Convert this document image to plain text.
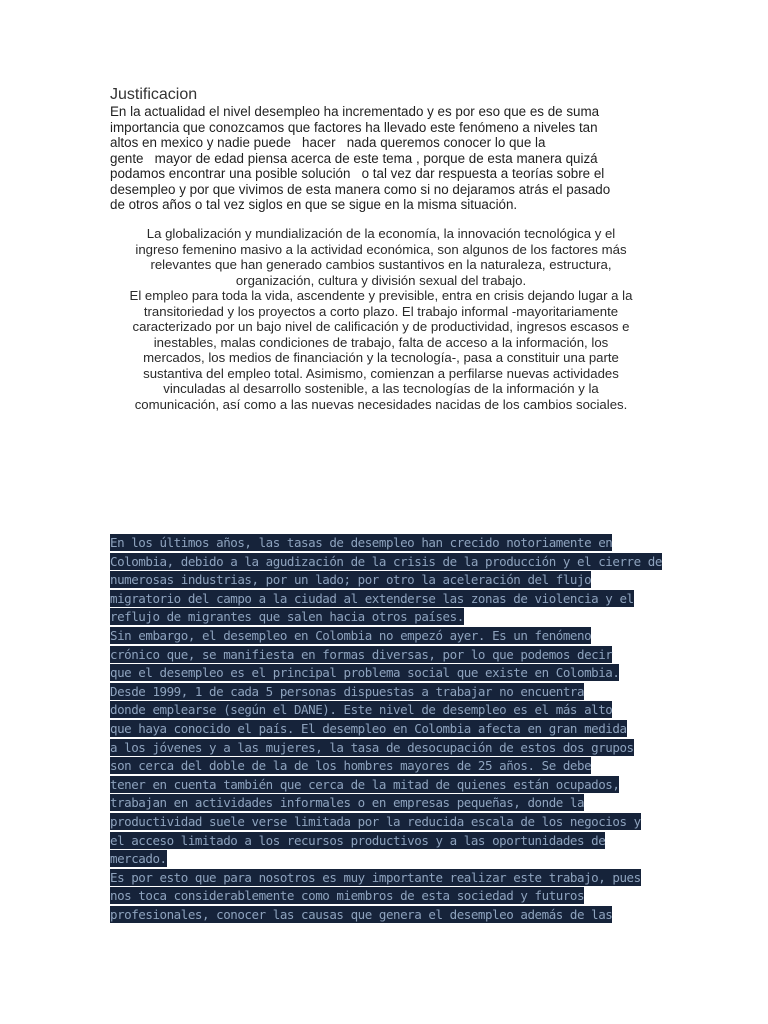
Justificacion
En la actualidad el nivel desempleo ha incrementado y es por eso que es de suma
importancia que conozcamos que factores ha llevado este fenómeno a niveles tan
altos en mexico y nadie puede   hacer   nada queremos conocer lo que la
gente   mayor de edad piensa acerca de este tema , porque de esta manera quizá
podamos encontrar una posible solución   o tal vez dar respuesta a teorías sobre el
desempleo y por que vivimos de esta manera como si no dejaramos atrás el pasado
de otros años o tal vez siglos en que se sigue en la misma situación.
La globalización y mundialización de la economía, la innovación tecnológica y el
ingreso femenino masivo a la actividad económica, son algunos de los factores más
relevantes que han generado cambios sustantivos en la naturaleza, estructura,
organización, cultura y división sexual del trabajo.
El empleo para toda la vida, ascendente y previsible, entra en crisis dejando lugar a la
transitoriedad y los proyectos a corto plazo. El trabajo informal -mayoritariamente
caracterizado por un bajo nivel de calificación y de productividad, ingresos escasos e
inestables, malas condiciones de trabajo, falta de acceso a la información, los
mercados, los medios de financiación y la tecnología-, pasa a constituir una parte
sustantiva del empleo total. Asimismo, comienzan a perfilarse nuevas actividades
vinculadas al desarrollo sostenible, a las tecnologías de la información y la
comunicación, así como a las nuevas necesidades nacidas de los cambios sociales.
En los últimos años, las tasas de desempleo han crecido notoriamente en
Colombia, debido a la agudización de la crisis de la producción y el cierre de
numerosas industrias, por un lado; por otro la aceleración del flujo
migratorio del campo a la ciudad al extenderse las zonas de violencia y el
reflujo de migrantes que salen hacia otros países.
Sin embargo, el desempleo en Colombia no empezó ayer. Es un fenómeno
crónico que, se manifiesta en formas diversas, por lo que podemos decir
que el desempleo es el principal problema social que existe en Colombia.
Desde 1999, 1 de cada 5 personas dispuestas a trabajar no encuentra
donde emplearse (según el DANE). Este nivel de desempleo es el más alto
que haya conocido el país. El desempleo en Colombia afecta en gran medida
a los jóvenes y a las mujeres, la tasa de desocupación de estos dos grupos
son cerca del doble de la de los hombres mayores de 25 años. Se debe
tener en cuenta también que cerca de la mitad de quienes están ocupados,
trabajan en actividades informales o en empresas pequeñas, donde la
productividad suele verse limitada por la reducida escala de los negocios y
el acceso limitado a los recursos productivos y a las oportunidades de
mercado.
Es por esto que para nosotros es muy importante realizar este trabajo, pues
nos toca considerablemente como miembros de esta sociedad y futuros
profesionales, conocer las causas que genera el desempleo además de las
